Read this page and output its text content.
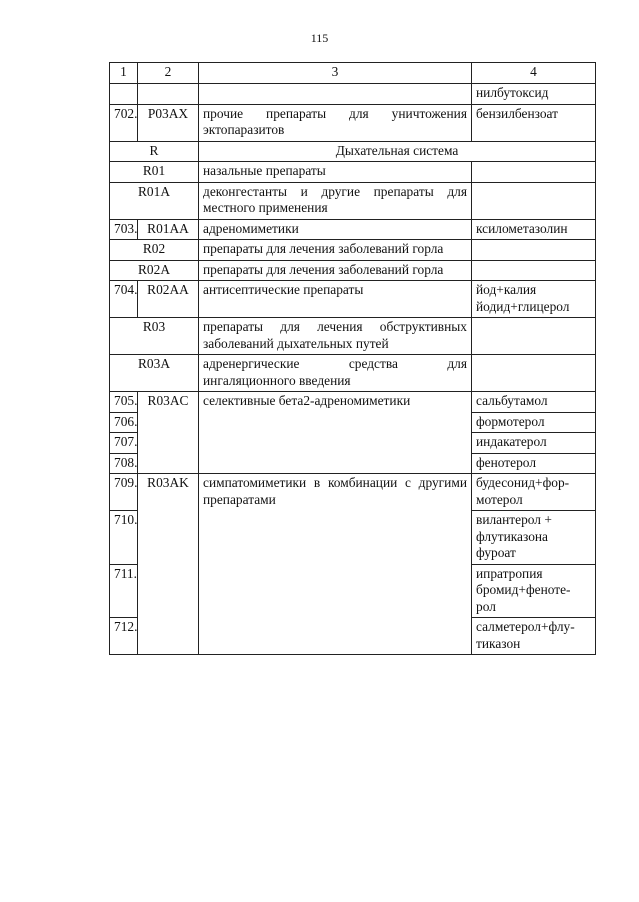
115
1	2	3	4
			нилбутоксид
702.	P03AX	прочие препараты для уничтожения эктопаразитов	бензилбензоат
R		Дыхательная система	
R01		назальные препараты	
R01A		деконгестанты и другие препараты для местного применения	
703.	R01AA	адреномиметики	ксилометазолин
R02		препараты для лечения заболеваний горла	
R02A		препараты для лечения заболеваний горла	
704.	R02AA	антисептические препараты	йод+калия йодид+глицерол
R03		препараты для лечения обструктивных заболеваний дыхательных путей	
R03A		адренергические средства для ингаляционного введения	
705.	R03AC	селективные бета2-адреномиметики	сальбутамол
706.			формотерол
707.			индакатерол
708.			фенотерол
709.	R03AK	симпатомиметики в комбинации с другими препаратами	будесонид+фор-
мотерол
710.			вилантерол +
флутиказона
фуроат
711.			ипратропия
бромид+феноте-
рол
712.			салметерол+флу-
тиказон
